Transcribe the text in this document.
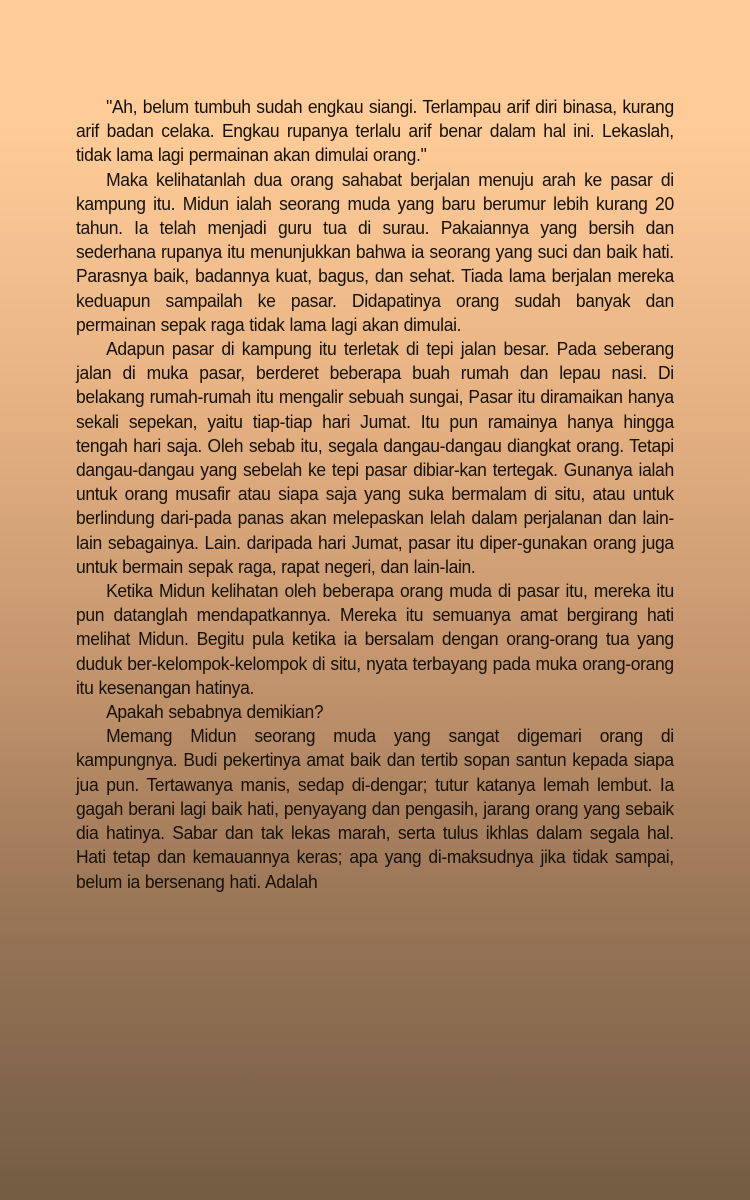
"Ah, belum tumbuh sudah engkau siangi. Terlampau arif diri binasa, kurang arif badan celaka. Engkau rupanya terlalu arif benar dalam hal ini. Lekaslah, tidak lama lagi permainan akan dimulai orang."

Maka kelihatanlah dua orang sahabat berjalan menuju arah ke pasar di kampung itu. Midun ialah seorang muda yang baru berumur lebih kurang 20 tahun. Ia telah menjadi guru tua di surau. Pakaiannya yang bersih dan sederhana rupanya itu menunjukkan bahwa ia seorang yang suci dan baik hati. Parasnya baik, badannya kuat, bagus, dan sehat. Tiada lama berjalan mereka keduapun sampailah ke pasar. Didapatinya orang sudah banyak dan permainan sepak raga tidak lama lagi akan dimulai.

Adapun pasar di kampung itu terletak di tepi jalan besar. Pada seberang jalan di muka pasar, berderet beberapa buah rumah dan lepau nasi. Di belakang rumah-rumah itu mengalir sebuah sungai, Pasar itu diramaikan hanya sekali sepekan, yaitu tiap-tiap hari Jumat. Itu pun ramainya hanya hingga tengah hari saja. Oleh sebab itu, segala dangau-dangau diangkat orang. Tetapi dangau-dangau yang sebelah ke tepi pasar dibiar-kan tertegak. Gunanya ialah untuk orang musafir atau siapa saja yang suka bermalam di situ, atau untuk berlindung dari-pada panas akan melepaskan lelah dalam perjalanan dan lain-lain sebagainya. Lain. daripada hari Jumat, pasar itu diper-gunakan orang juga untuk bermain sepak raga, rapat negeri, dan lain-lain.

Ketika Midun kelihatan oleh beberapa orang muda di pasar itu, mereka itu pun datanglah mendapatkannya. Mereka itu semuanya amat bergirang hati melihat Midun. Begitu pula ketika ia bersalam dengan orang-orang tua yang duduk ber-kelompok-kelompok di situ, nyata terbayang pada muka orang-orang itu kesenangan hatinya.

Apakah sebabnya demikian?

Memang Midun seorang muda yang sangat digemari orang di kampungnya. Budi pekertinya amat baik dan tertib sopan santun kepada siapa jua pun. Tertawanya manis, sedap di-dengar; tutur katanya lemah lembut. Ia gagah berani lagi baik hati, penyayang dan pengasih, jarang orang yang sebaik dia hatinya. Sabar dan tak lekas marah, serta tulus ikhlas dalam segala hal. Hati tetap dan kemauannya keras; apa yang di-maksudnya jika tidak sampai, belum ia bersenang hati. Adalah
